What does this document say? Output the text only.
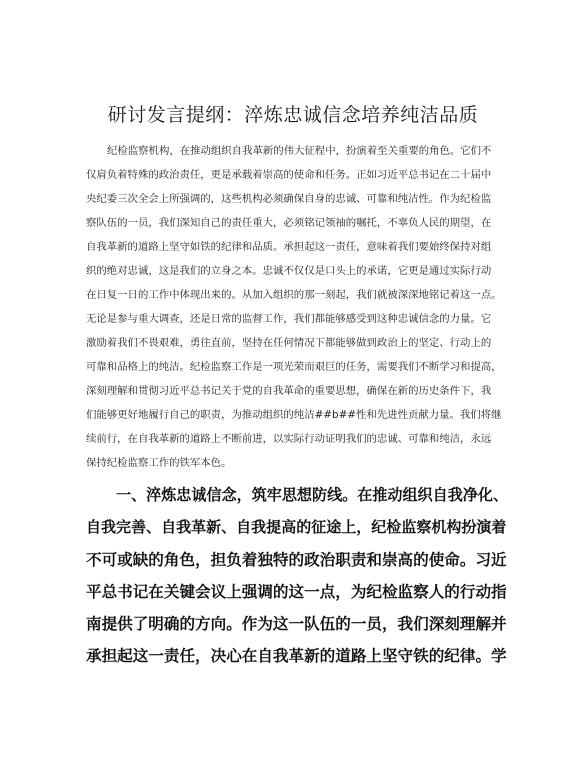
研讨发言提纲：淬炼忠诚信念培养纯洁品质
纪检监察机构，在推动组织自我革新的伟大征程中，扮演着至关重要的角色。它们不
仅肩负着特殊的政治责任，更是承载着崇高的使命和任务。正如习近平总书记在二十届中
央纪委三次全会上所强调的，这些机构必须确保自身的忠诚、可靠和纯洁性。作为纪检监
察队伍的一员，我们深知自己的责任重大，必须铭记领袖的嘱托，不辜负人民的期望，在
自我革新的道路上坚守如铁的纪律和品质。承担起这一责任，意味着我们要始终保持对组
织的绝对忠诚，这是我们的立身之本。忠诚不仅仅是口头上的承诺，它更是通过实际行动
在日复一日的工作中体现出来的。从加入组织的那一刻起，我们就被深深地铭记着这一点。
无论是参与重大调查，还是日常的监督工作，我们都能够感受到这种忠诚信念的力量。它
激励着我们不畏艰难，勇往直前，坚持在任何情况下都能够做到政治上的坚定、行动上的
可靠和品格上的纯洁。纪检监察工作是一项光荣而艰巨的任务，需要我们不断学习和提高，
深刻理解和贯彻习近平总书记关于党的自我革命的重要思想，确保在新的历史条件下，我
们能够更好地履行自己的职责，为推动组织的纯洁##b##性和先进性贡献力量。我们将继
续前行，在自我革新的道路上不断前进，以实际行动证明我们的忠诚、可靠和纯洁，永远
保持纪检监察工作的铁军本色。
一、淬炼忠诚信念，筑牢思想防线。在推动组织自我净化、
自我完善、自我革新、自我提高的征途上，纪检监察机构扮演着
不可或缺的角色，担负着独特的政治职责和崇高的使命。习近
平总书记在关键会议上强调的这一点，为纪检监察人的行动指
南提供了明确的方向。作为这一队伍的一员，我们深刻理解并
承担起这一责任，决心在自我革新的道路上坚守铁的纪律。学
